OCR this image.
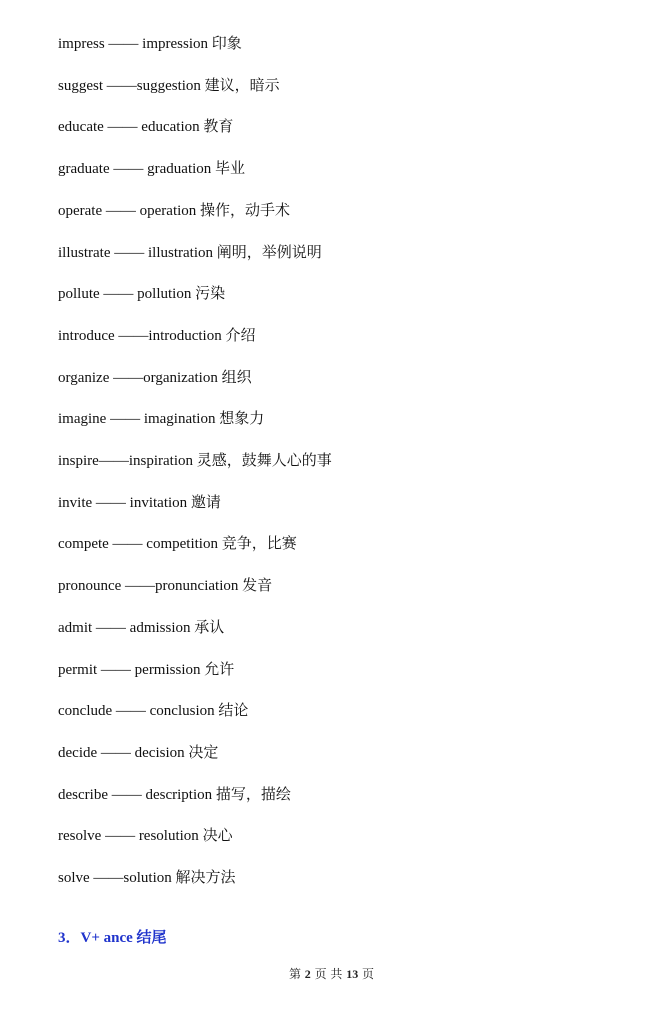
impress —— impression 印象
suggest ——suggestion 建议，暗示
educate —— education 教育
graduate —— graduation 毕业
operate —— operation 操作，动手术
illustrate —— illustration 阐明，举例说明
pollute —— pollution 污染
introduce ——introduction 介绍
organize ——organization 组织
imagine —— imagination 想象力
inspire——inspiration 灵感，鼓舞人心的事
invite —— invitation 邀请
compete —— competition 竞争，比赛
pronounce ——pronunciation 发音
admit —— admission 承认
permit —— permission 允许
conclude —— conclusion 结论
decide —— decision 决定
describe —— description 描写，描绘
resolve —— resolution 决心
solve ——solution 解决方法
3．V+ ance 结尾
第 2 页 共 13 页
